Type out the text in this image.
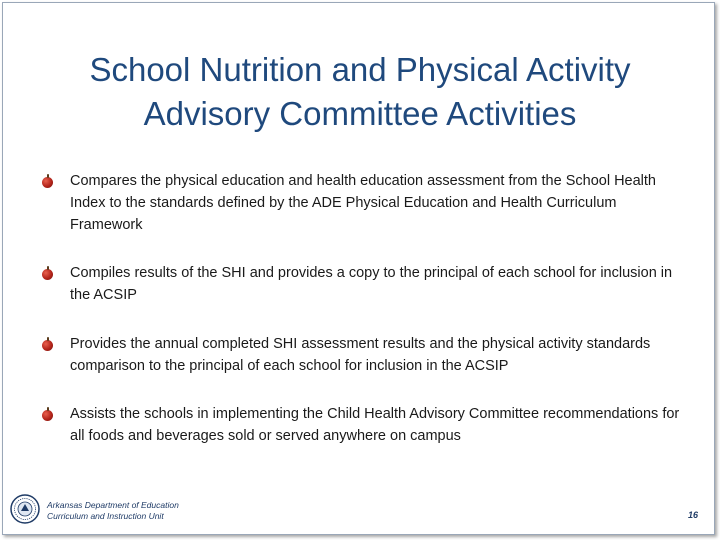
School Nutrition and Physical Activity
Advisory Committee Activities
Compares the physical education and health education assessment from the School Health Index to the standards defined by the ADE Physical Education and Health Curriculum Framework
Compiles results of the SHI and provides a copy to the principal of each school for inclusion in the ACSIP
Provides the annual completed SHI assessment results and the physical activity standards comparison to the principal of each school for inclusion in the ACSIP
Assists the schools in implementing the Child Health Advisory Committee recommendations for all foods and beverages sold or served anywhere on campus
Arkansas Department of Education
Curriculum and Instruction Unit	16
